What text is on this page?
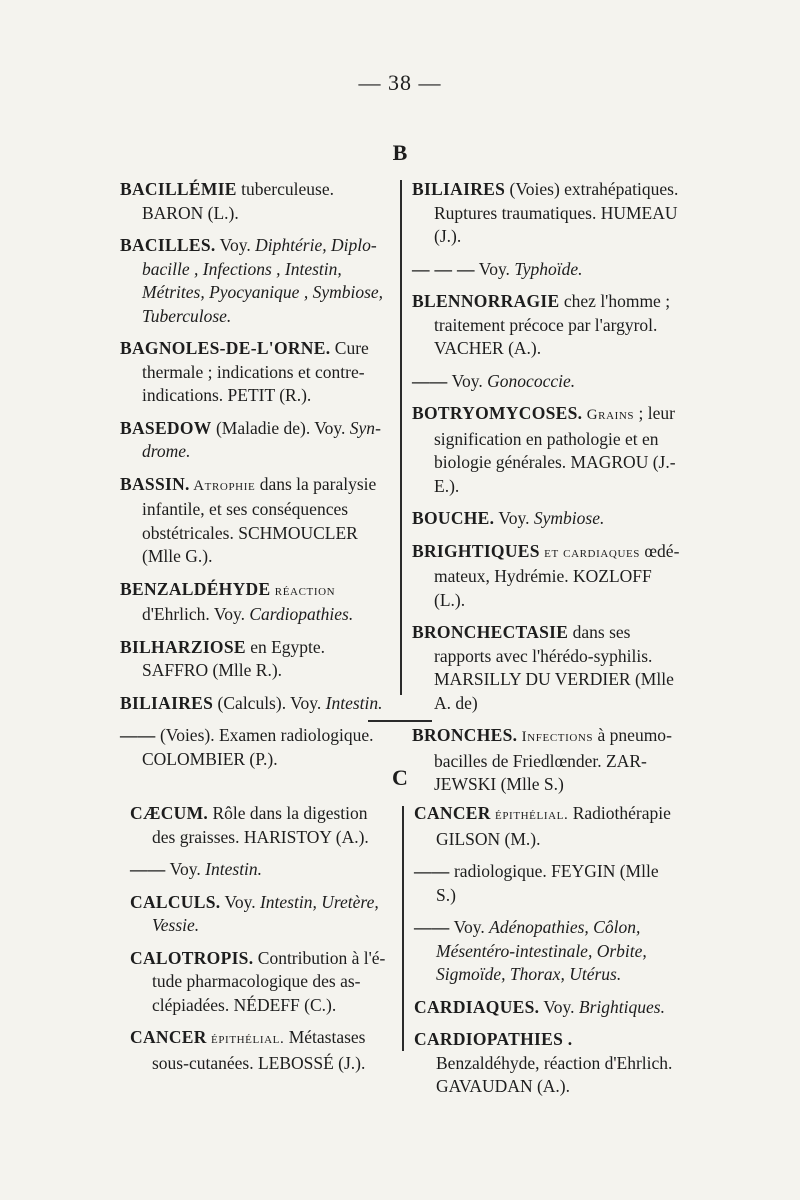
— 38 —
B
BACILLÉMIE tuberculeuse. BARON (L.).
BACILLES. Voy. Diphtérie, Diplobacille , Infections , Intestin, Métrites, Pyocyanique , Symbiose, Tuberculose.
BAGNOLES-DE-L'ORNE. Cure thermale ; indications et contreindications. PETIT (R.).
BASEDOW (Maladie de). Voy. Syndrome.
BASSIN. Atrophie dans la paralysie infantile, et ses conséquences obstétricales. SCHMOUCLER (Mlle G.).
BENZALDÉHYDE réaction d'Ehrlich. Voy. Cardiopathies.
BILHARZIOSE en Egypte. SAFFRO (Mlle R.).
BILIAIRES (Calculs). Voy. Intestin.
—— (Voies). Examen radiologique. COLOMBIER (P.).
BILIAIRES (Voies) extrahépatiques. Ruptures traumatiques. HUMEAU (J.).
— — — Voy. Typhoïde.
BLENNORRAGIE chez l'homme ; traitement précoce par l'argyrol. VACHER (A.).
—— Voy. Gonococcie.
BOTRYOMYCOSES. Grains ; leur signification en pathologie et en biologie générales. MAGROU (J.-E.).
BOUCHE. Voy. Symbiose.
BRIGHTIQUES et cardiaques œdémateux, Hydrémie. KOZLOFF (L.).
BRONCHECTASIE dans ses rapports avec l'hérédo-syphilis. MARSILLY DU VERDIER (Mlle A. de)
BRONCHES. Infections à pneumobacilles de Friedlœnder. ZARJEWSKI (Mlle S.)
C
CÆCUM. Rôle dans la digestion des graisses. HARISTOY (A.).
—— Voy. Intestin.
CALCULS. Voy. Intestin, Uretère, Vessie.
CALOTROPIS. Contribution à l'étude pharmacologique des asclépiadées. NÉDEFF (C.).
CANCER épithélial. Métastases sous-cutanées. LEBOSSÉ (J.).
CANCER épithélial. Radiothérapie GILSON (M.).
—— radiologique. FEYGIN (Mlle S.)
—— Voy. Adénopathies, Côlon, Mésentéro-intestinale, Orbite, Sigmoïde, Thorax, Utérus.
CARDIAQUES. Voy. Brightiques.
CARDIOPATHIES . Benzaldéhyde, réaction d'Ehrlich. GAVAUDAN (A.).
